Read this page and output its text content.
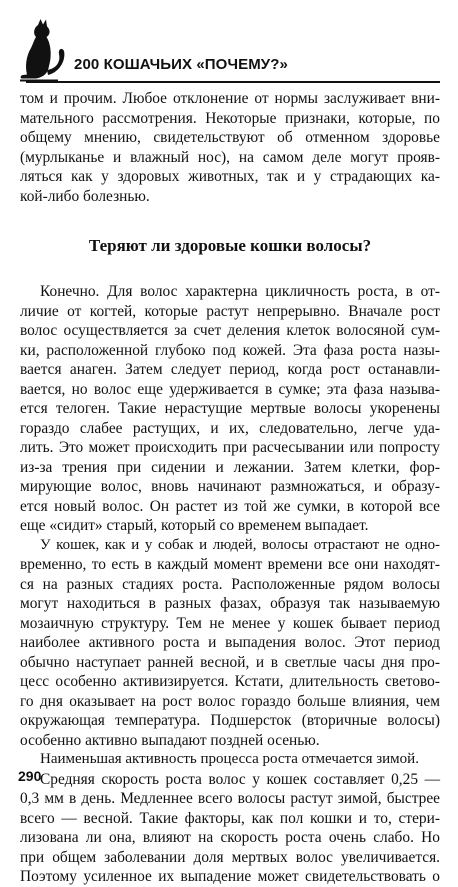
200 КОШАЧЬИХ «ПОЧЕМУ?»

том и прочим. Любое отклонение от нормы заслуживает вни-
мательного рассмотрения. Некоторые признаки, которые, по
общему мнению, свидетельствуют об отменном здоровье
(мурлыканье и влажный нос), на самом деле могут прояв-
ляться как у здоровых животных, так и у страдающих ка-
кой-либо болезнью.

Теряют ли здоровые кошки волосы?

Конечно. Для волос характерна цикличность роста, в от-
личие от когтей, которые растут непрерывно. Вначале рост
волос осуществляется за счет деления клеток волосяной сум-
ки, расположенной глубоко под кожей. Эта фаза роста назы-
вается анаген. Затем следует период, когда рост останавли-
вается, но волос еще удерживается в сумке; эта фаза называ-
ется телоген. Такие нерастущие мертвые волосы укоренены
гораздо слабее растущих, и их, следовательно, легче уда-
лить. Это может происходить при расчесывании или попросту
из-за трения при сидении и лежании. Затем клетки, фор-
мирующие волос, вновь начинают размножаться, и образу-
ется новый волос. Он растет из той же сумки, в которой все
еще «сидит» старый, который со временем выпадает.

У кошек, как и у собак и людей, волосы отрастают не одно-
временно, то есть в каждый момент времени все они находят-
ся на разных стадиях роста. Расположенные рядом волосы
могут находиться в разных фазах, образуя так называемую
мозаичную структуру. Тем не менее у кошек бывает период
наиболее активного роста и выпадения волос. Этот период
обычно наступает ранней весной, и в светлые часы дня про-
цесс особенно активизируется. Кстати, длительность светово-
го дня оказывает на рост волос гораздо больше влияния, чем
окружающая температура. Подшерсток (вторичные волосы)
особенно активно выпадают поздней осенью.

Наименьшая активность процесса роста отмечается зимой.

Средняя скорость роста волос у кошек составляет 0,25 —
0,3 мм в день. Медленнее всего волосы растут зимой, быстрее
всего — весной. Такие факторы, как пол кошки и то, стери-
лизована ли она, влияют на скорость роста очень слабо. Но
при общем заболевании доля мертвых волос увеличивается.
Поэтому усиленное их выпадение может свидетельствовать о

290
